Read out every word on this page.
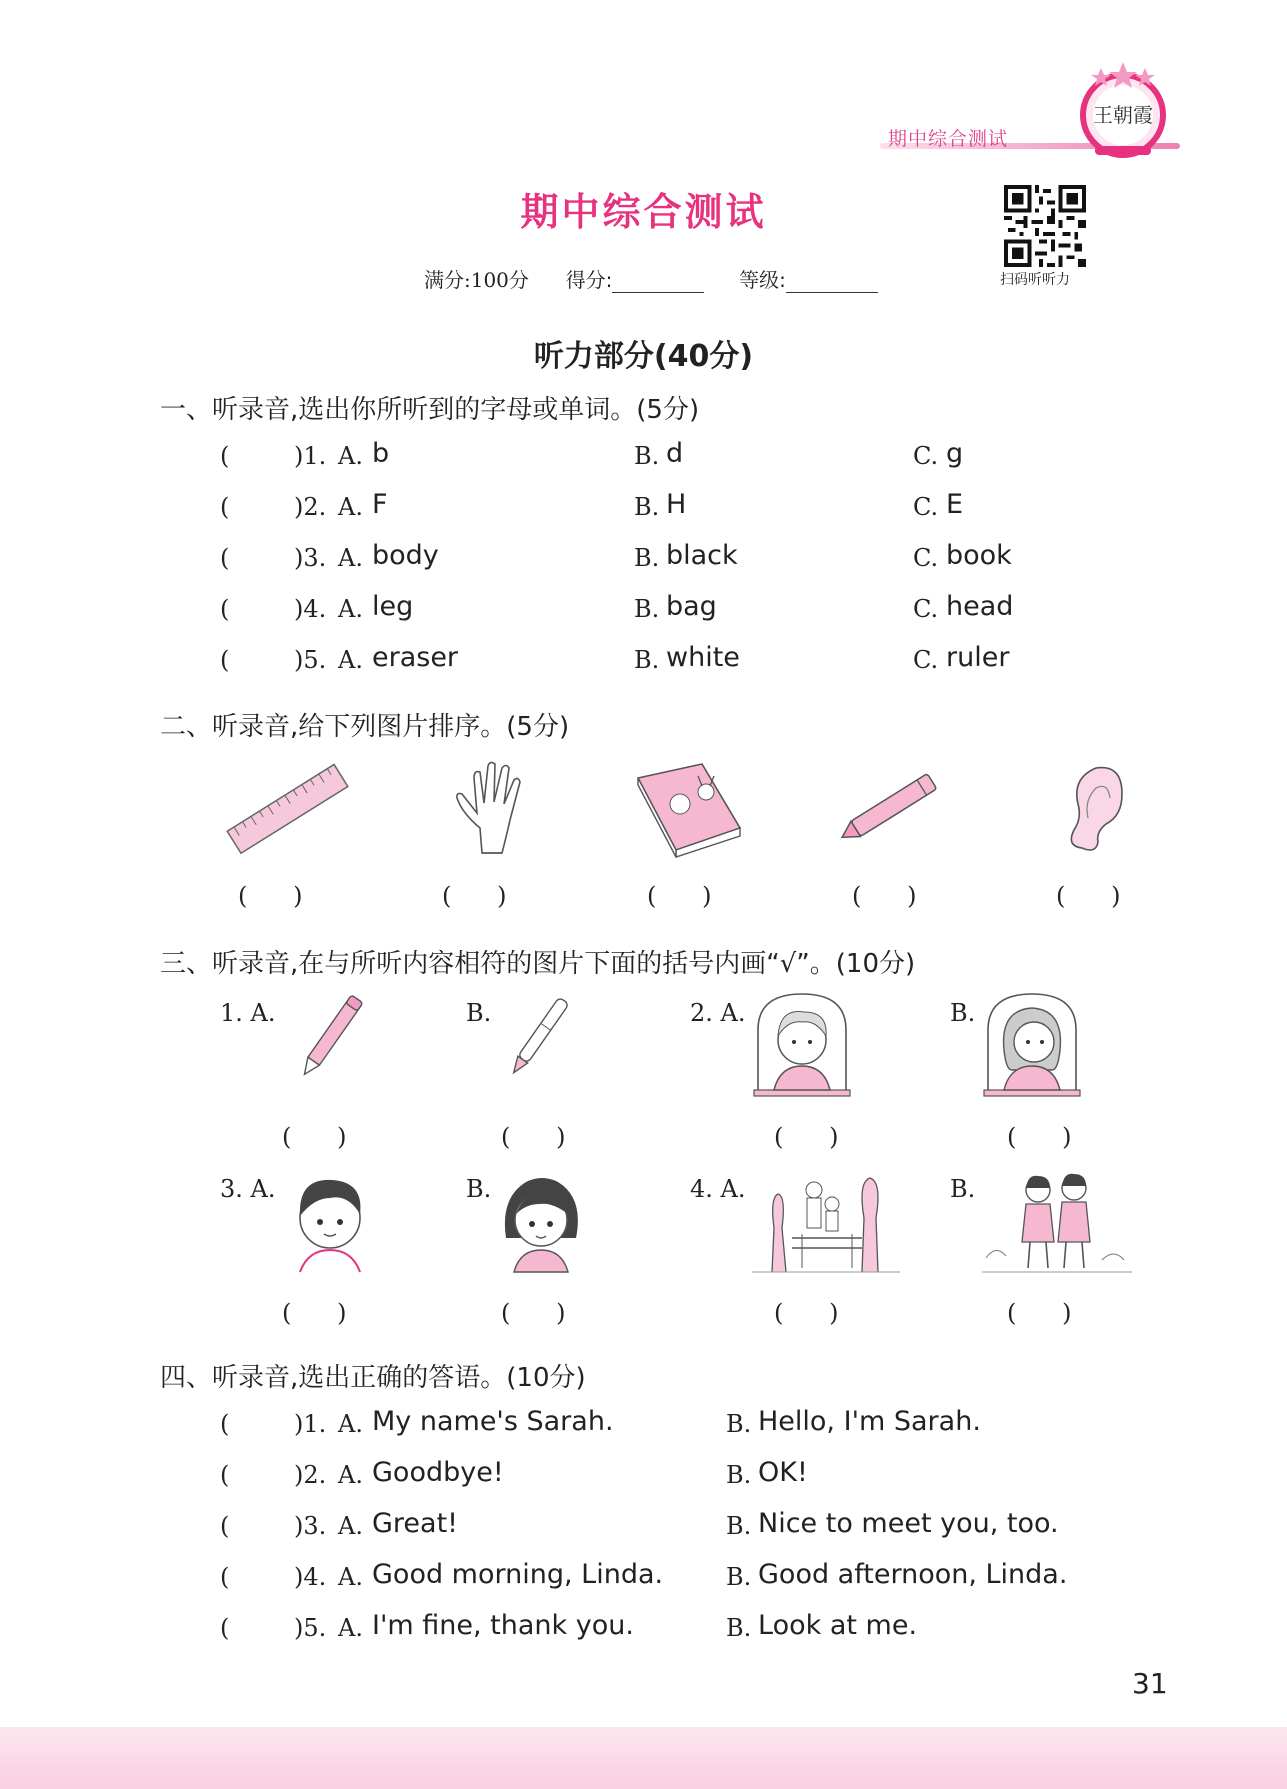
期中综合测试
王朝霞
期中综合测试
满分:100分 得分:	等级:	扫码听听力
听力部分(40分)
一、听录音,选出你所听到的字母或单词。(5分)
(	)1. A. b	B. d	C. g
(	)2. A. F	B. H	C. E
(	)3. A. body	B. black	C. book
(	)4. A. leg	B. bag	C. head
(	)5. A. eraser	B. white	C. ruler
二、听录音,给下列图片排序。(5分)
(      )	(      )	(      )	(      )	(      )
三、听录音,在与所听内容相符的图片下面的括号内画“√”。(10分)
1. A.	B.	2. A.	B.
(      )	(      )	(      )	(      )
3. A.	B.	4. A.	B.
(      )	(      )	(      )	(      )
四、听录音,选出正确的答语。(10分)
(	)1. A. My name's Sarah.	B. Hello, I'm Sarah.
(	)2. A. Goodbye!	B. OK!
(	)3. A. Great!	B. Nice to meet you, too.
(	)4. A. Good morning, Linda.	B. Good afternoon, Linda.
(	)5. A. I'm fine, thank you.	B. Look at me.
31
